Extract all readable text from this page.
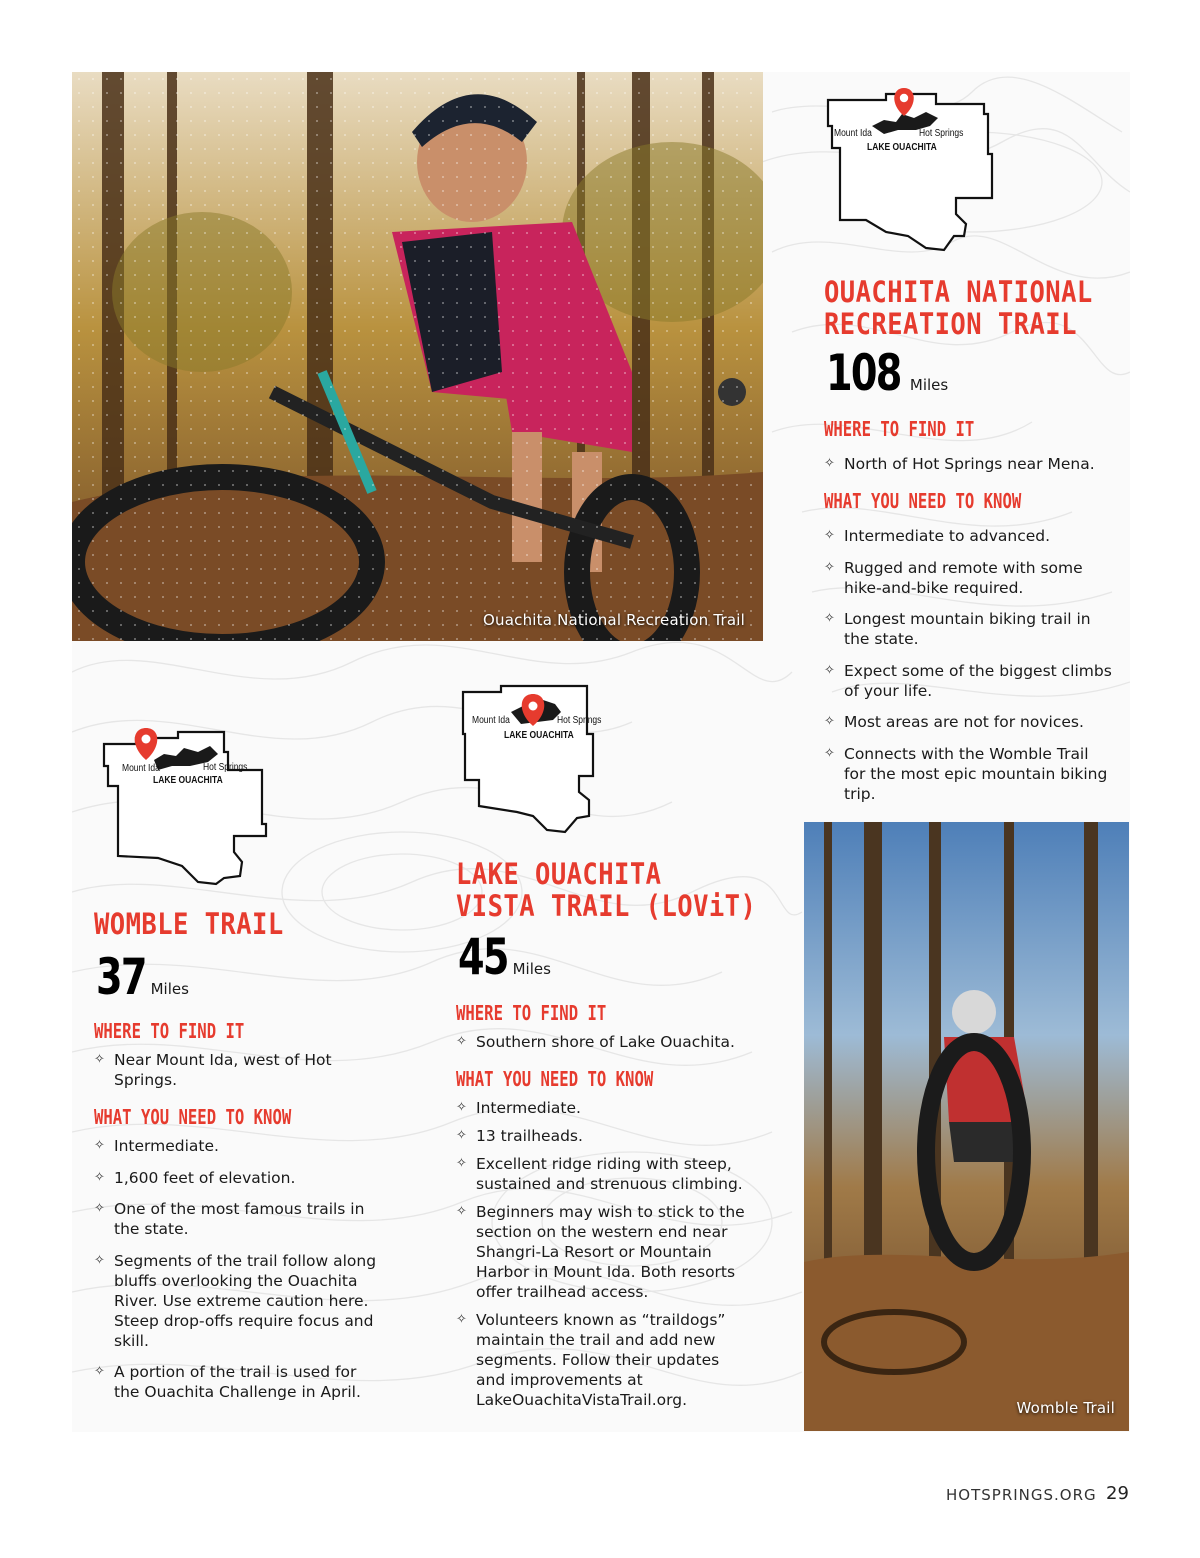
Ouachita National Recreation Trail
Womble Trail
Mount Ida	Hot Springs
LAKE OUACHITA
Mount Ida	Hot Springs
LAKE OUACHITA
Mount Ida	Hot Springs
LAKE OUACHITA
OUACHITA NATIONAL
RECREATION TRAIL
108 Miles
WHERE TO FIND IT
✧ North of Hot Springs near Mena.
WHAT YOU NEED TO KNOW
✧ Intermediate to advanced.
✧ Rugged and remote with some hike-and-bike required.
✧ Longest mountain biking trail in the state.
✧ Expect some of the biggest climbs of your life.
✧ Most areas are not for novices.
✧ Connects with the Womble Trail for the most epic mountain biking trip.
WOMBLE TRAIL
37 Miles
WHERE TO FIND IT
✧ Near Mount Ida, west of Hot Springs.
WHAT YOU NEED TO KNOW
✧ Intermediate.
✧ 1,600 feet of elevation.
✧ One of the most famous trails in the state.
✧ Segments of the trail follow along bluffs overlooking the Ouachita River. Use extreme caution here. Steep drop-offs require focus and skill.
✧ A portion of the trail is used for the Ouachita Challenge in April.
LAKE OUACHITA
VISTA TRAIL (LOViT)
45 Miles
WHERE TO FIND IT
✧ Southern shore of Lake Ouachita.
WHAT YOU NEED TO KNOW
✧ Intermediate.
✧ 13 trailheads.
✧ Excellent ridge riding with steep, sustained and strenuous climbing.
✧ Beginners may wish to stick to the section on the western end near Shangri-La Resort or Mountain Harbor in Mount Ida. Both resorts offer trailhead access.
✧ Volunteers known as “traildogs” maintain the trail and add new segments. Follow their updates and improvements at LakeOuachitaVistaTrail.org.
HOTSPRINGS.ORG 29
